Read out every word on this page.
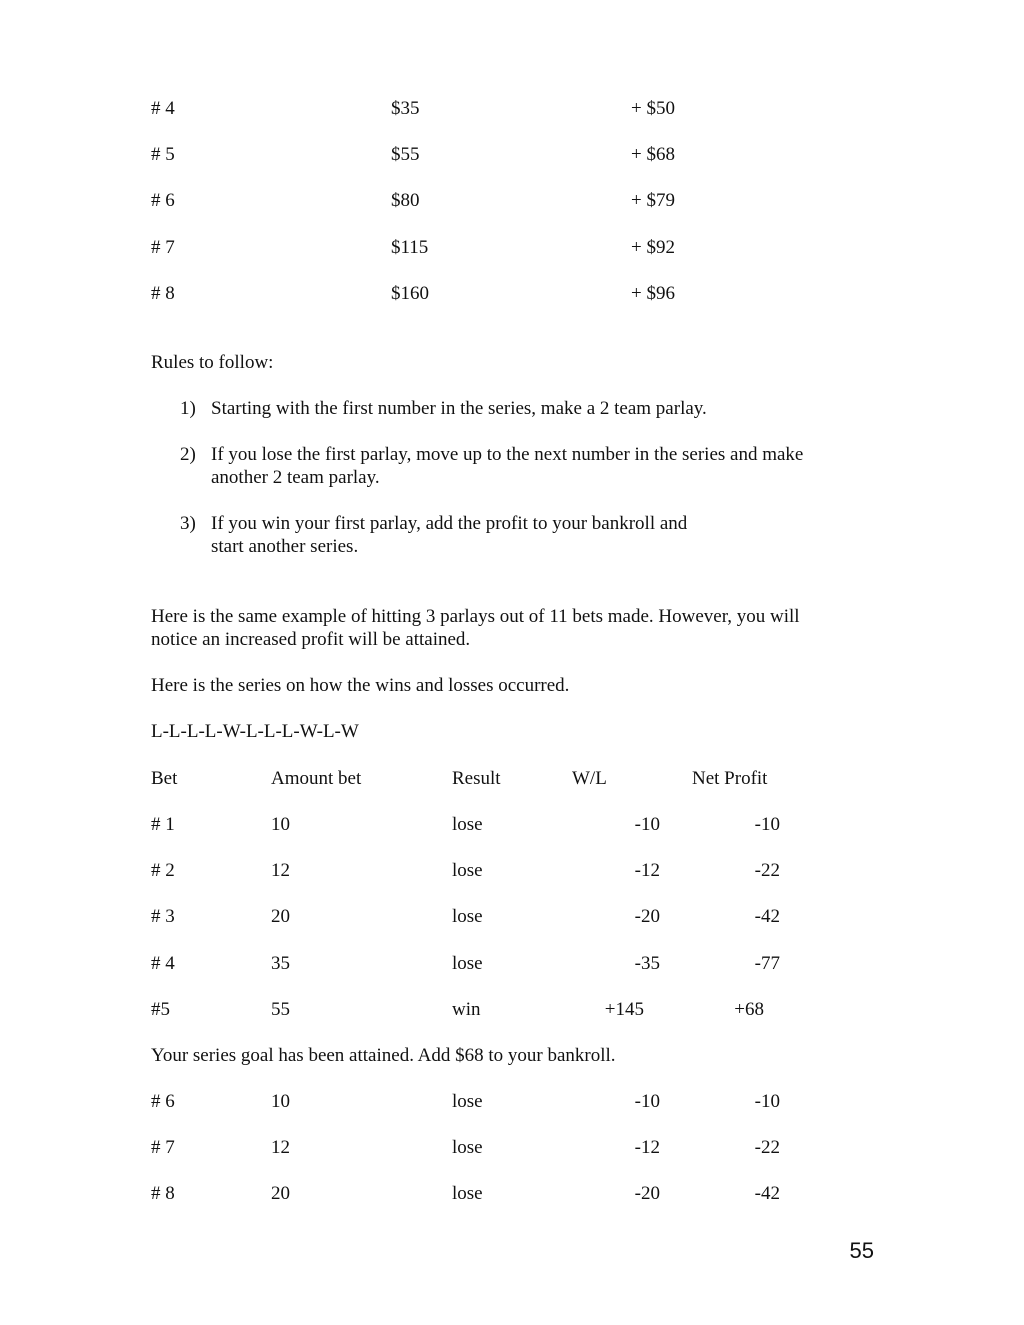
# 4	$35	+ $50
# 5	$55	+ $68
# 6	$80	+ $79
# 7	$115	+ $92
# 8	$160	+ $96
Rules to follow:
1) Starting with the first number in the series, make a 2 team parlay.
2) If you lose the first parlay, move up to the next number in the series and make
another 2 team parlay.
3) If you win your first parlay, add the profit to your bankroll and
start another series.
Here is the same example of hitting 3 parlays out of 11 bets made. However, you will
notice an increased profit will be attained.
Here is the series on how the wins and losses occurred.
L-L-L-L-W-L-L-L-W-L-W
Bet	Amount bet	Result	W/L	Net Profit
# 1	10	lose	-10	-10
# 2	12	lose	-12	-22
# 3	20	lose	-20	-42
# 4	35	lose	-35	-77
#5	55	win	+145	+68
Your series goal has been attained. Add $68 to your bankroll.
# 6	10	lose	-10	-10
# 7	12	lose	-12	-22
# 8	20	lose	-20	-42
55
